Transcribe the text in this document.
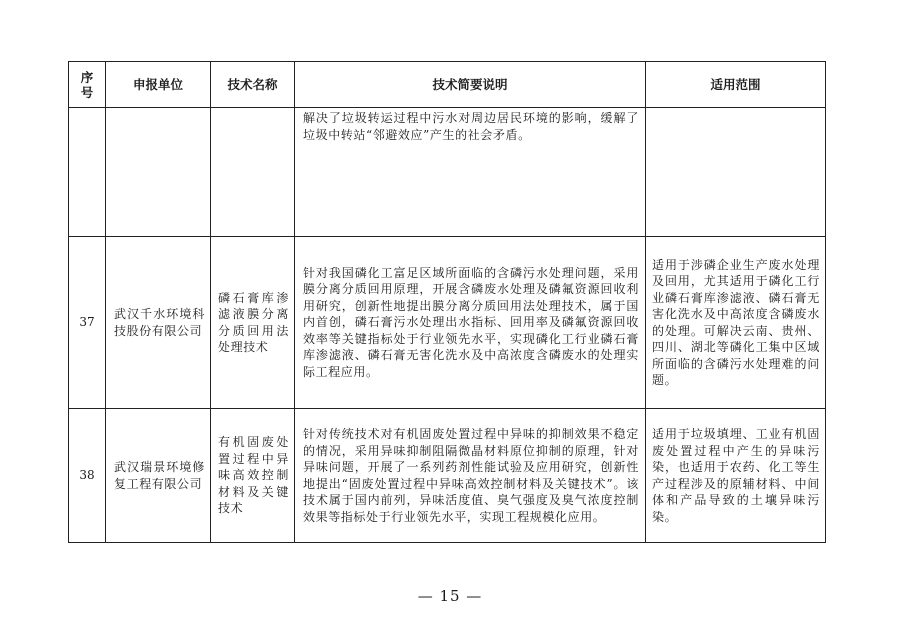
序号	申报单位	技术名称	技术简要说明	适用范围

			解决了垃圾转运过程中污水对周边居民环境的影响，缓解了垃圾中转站“邻避效应”产生的社会矛盾。	

37	武汉千水环境科技股份有限公司	磷石膏库渗滤液膜分离分质回用法处理技术	针对我国磷化工富足区域所面临的含磷污水处理问题，采用膜分离分质回用原理，开展含磷废水处理及磷氟资源回收利用研究，创新性地提出膜分离分质回用法处理技术，属于国内首创，磷石膏污水处理出水指标、回用率及磷氟资源回收效率等关键指标处于行业领先水平，实现磷化工行业磷石膏库渗滤液、磷石膏无害化洗水及中高浓度含磷废水的处理实际工程应用。	适用于涉磷企业生产废水处理及回用，尤其适用于磷化工行业磷石膏库渗滤液、磷石膏无害化洗水及中高浓度含磷废水的处理。可解决云南、贵州、四川、湖北等磷化工集中区域所面临的含磷污水处理难的问题。

38	武汉瑞景环境修复工程有限公司	有机固废处置过程中异味高效控制材料及关键技术	针对传统技术对有机固废处置过程中异味的抑制效果不稳定的情况，采用异味抑制阻隔微晶材料原位抑制的原理，针对异味问题，开展了一系列药剂性能试验及应用研究，创新性地提出“固废处置过程中异味高效控制材料及关键技术”。该技术属于国内前列，异味活度值、臭气强度及臭气浓度控制效果等指标处于行业领先水平，实现工程规模化应用。	适用于垃圾填埋、工业有机固废处置过程中产生的异味污染，也适用于农药、化工等生产过程涉及的原辅材料、中间体和产品导致的土壤异味污染。
— 15 —
